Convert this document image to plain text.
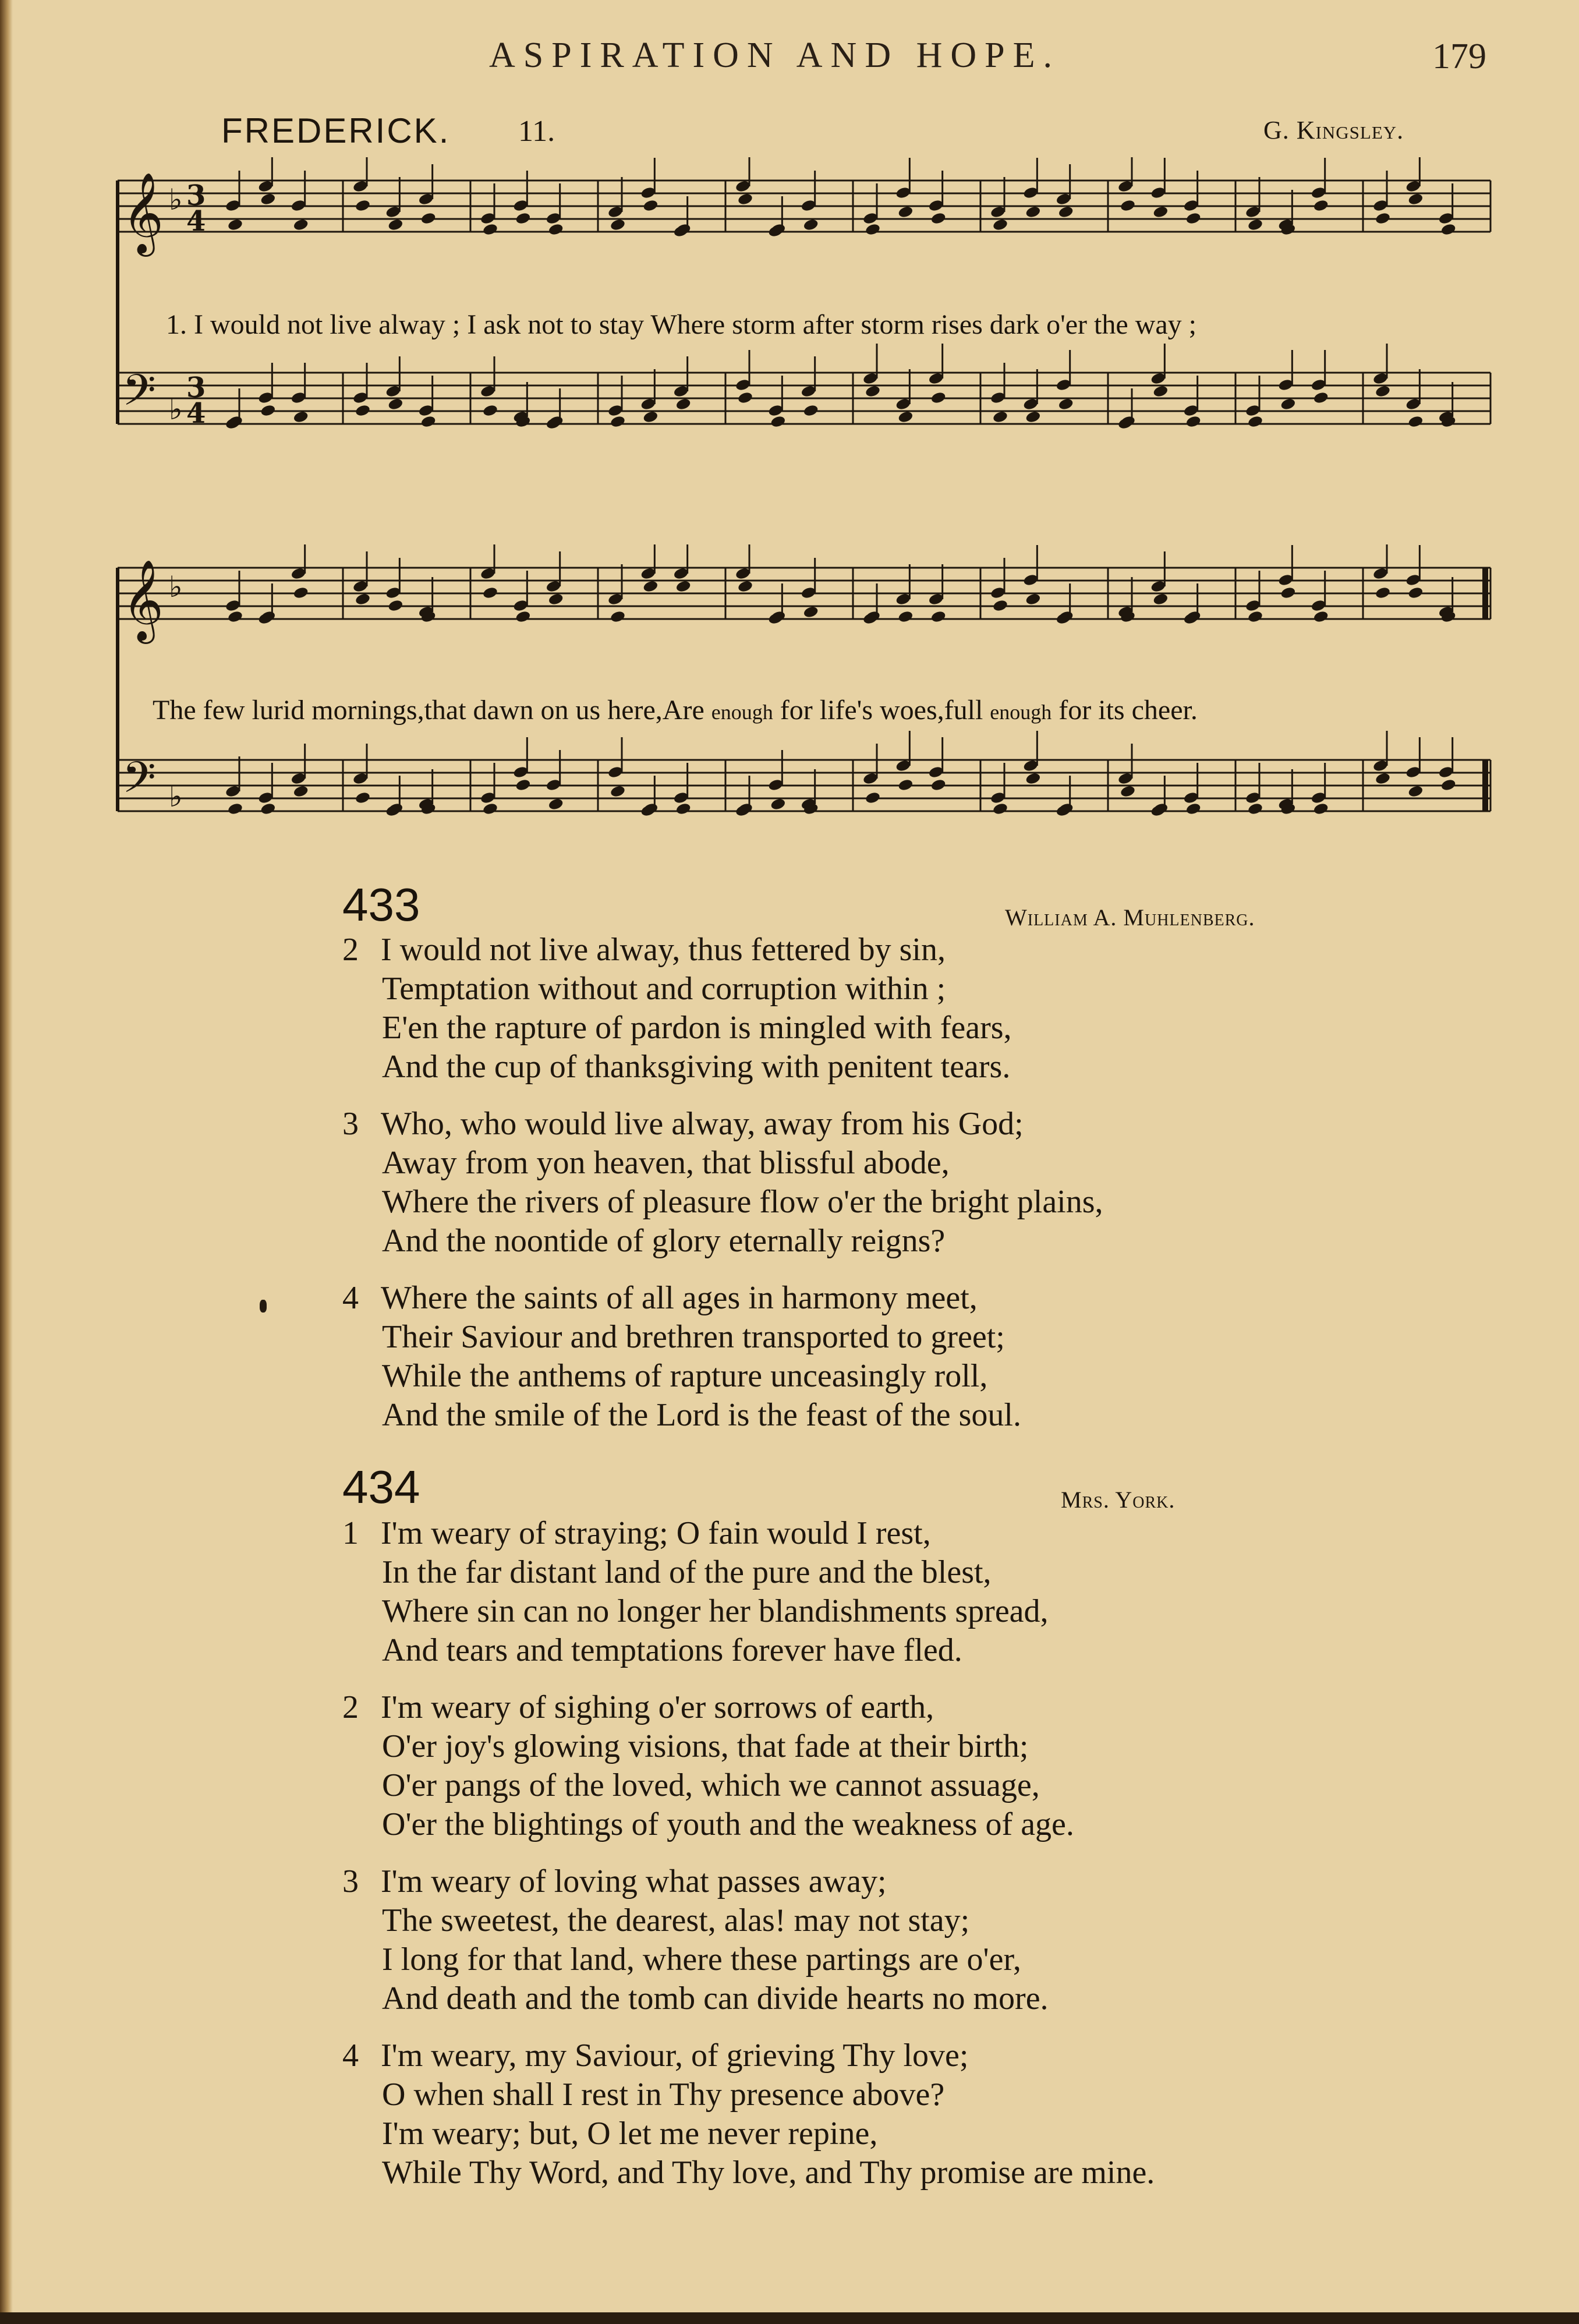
ASPIRATION AND HOPE.	179
FREDERICK. 11.	G. Kingsley.
𝄞 ♭ 3
4
𝄢 ♭
3
4
1. I would not live alway ; I ask not to stay Where storm after storm rises dark o'er the way ;
𝄞 ♭
𝄢 ♭
The few lurid mornings,that dawn on us here,Are enough for life's woes,full enough for its cheer.
433	William A. Muhlenberg.
2 I would not live alway, thus fettered by sin,
Temptation without and corruption within ;
E'en the rapture of pardon is mingled with fears,
And the cup of thanksgiving with penitent tears.
3 Who, who would live alway, away from his God;
Away from yon heaven, that blissful abode,
Where the rivers of pleasure flow o'er the bright plains,
And the noontide of glory eternally reigns?
4 Where the saints of all ages in harmony meet,
Their Saviour and brethren transported to greet;
While the anthems of rapture unceasingly roll,
And the smile of the Lord is the feast of the soul.
434	Mrs. York.
1 I'm weary of straying; O fain would I rest,
In the far distant land of the pure and the blest,
Where sin can no longer her blandishments spread,
And tears and temptations forever have fled.
2 I'm weary of sighing o'er sorrows of earth,
O'er joy's glowing visions, that fade at their birth;
O'er pangs of the loved, which we cannot assuage,
O'er the blightings of youth and the weakness of age.
3 I'm weary of loving what passes away;
The sweetest, the dearest, alas! may not stay;
I long for that land, where these partings are o'er,
And death and the tomb can divide hearts no more.
4 I'm weary, my Saviour, of grieving Thy love;
O when shall I rest in Thy presence above?
I'm weary; but, O let me never repine,
While Thy Word, and Thy love, and Thy promise are mine.
